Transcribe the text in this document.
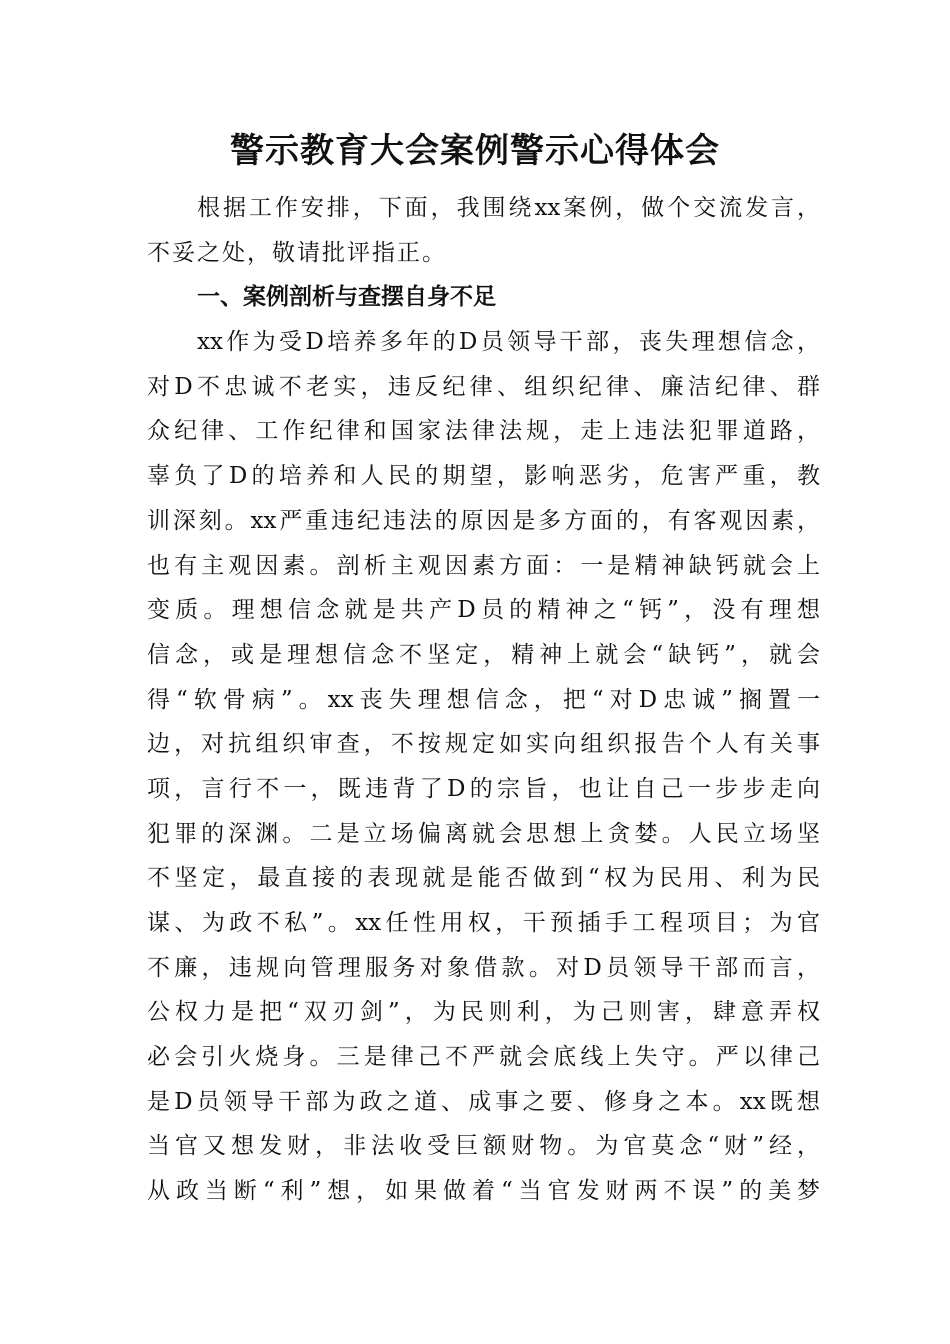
警示教育大会案例警示心得体会
根据工作安排，下面，我围绕xx案例，做个交流发言，
不妥之处，敬请批评指正。
一、案例剖析与查摆自身不足
xx作为受D培养多年的D员领导干部，丧失理想信念，
对D不忠诚不老实，违反纪律、组织纪律、廉洁纪律、群
众纪律、工作纪律和国家法律法规，走上违法犯罪道路，
辜负了D的培养和人民的期望，影响恶劣，危害严重，教
训深刻。xx严重违纪违法的原因是多方面的，有客观因素，
也有主观因素。剖析主观因素方面：一是精神缺钙就会上
变质。理想信念就是共产D员的精神之“钙”，没有理想
信念，或是理想信念不坚定，精神上就会“缺钙”，就会
得“软骨病”。xx丧失理想信念，把“对D忠诚”搁置一
边，对抗组织审查，不按规定如实向组织报告个人有关事
项，言行不一，既违背了D的宗旨，也让自己一步步走向
犯罪的深渊。二是立场偏离就会思想上贪婪。人民立场坚
不坚定，最直接的表现就是能否做到“权为民用、利为民
谋、为政不私”。xx任性用权，干预插手工程项目；为官
不廉，违规向管理服务对象借款。对D员领导干部而言，
公权力是把“双刃剑”，为民则利，为己则害，肆意弄权
必会引火烧身。三是律己不严就会底线上失守。严以律己
是D员领导干部为政之道、成事之要、修身之本。xx既想
当官又想发财，非法收受巨额财物。为官莫念“财”经，
从政当断“利”想，如果做着“当官发财两不误”的美梦
